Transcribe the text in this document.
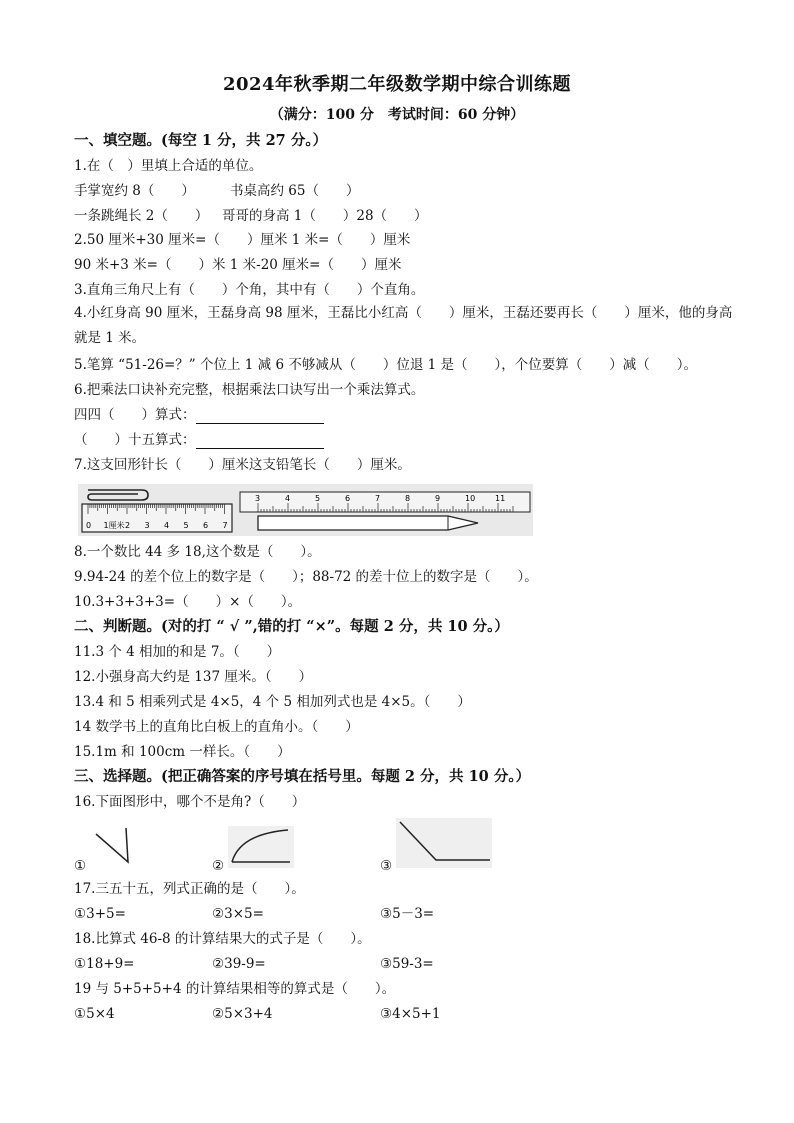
2024年秋季期二年级数学期中综合训练题
（满分：100 分　考试时间：60 分钟）
一、填空题。(每空 1 分，共 27 分。）
1.在（　）里填上合适的单位。
手掌宽约 8（　　）	书桌高约 65（　　）
一条跳绳长 2（　　） 哥哥的身高 1（　　）28（　　）
2.50 厘米+30 厘米=（　　）厘米 1 米=（　　）厘米
90 米+3 米=（　　）米 1 米-20 厘米=（　　）厘米
3.直角三角尺上有（　　）个角，其中有（　　）个直角。
4.小红身高 90 厘米，王磊身高 98 厘米，王磊比小红高（　　）厘米，王磊还要再长（　　）厘米，他的身高就是 1 米。
5.笔算 “51-26=？” 个位上 1 减 6 不够减从（　　）位退 1 是（　　），个位要算（　　）减（　　）。
6.把乘法口诀补充完整，根据乘法口诀写出一个乘法算式。
四四（　　）算式：
（　　）十五算式：
7.这支回形针长（　　）厘米这支铅笔长（　　）厘米。
0 1厘米 2 3 4 5 6 7
3	4	5	6	7	8	9	10 11
8.一个数比 44 多 18,这个数是（　　）。
9.94-24 的差个位上的数字是（　　）；88-72 的差十位上的数字是（　　）。
10.3+3+3+3=（　　）×（　　）。
二、判断题。(对的打 “ √ ”,错的打 “×”。每题 2 分，共 10 分。）
11.3 个 4 相加的和是 7。（　　）
12.小强身高大约是 137 厘米。（　　）
13.4 和 5 相乘列式是 4×5，4 个 5 相加列式也是 4×5。（　　）
14 数学书上的直角比白板上的直角小。（　　）
15.1m 和 100cm 一样长。（　　）
三、选择题。(把正确答案的序号填在括号里。每题 2 分，共 10 分。）
16.下面图形中，哪个不是角?（　　）
①	②	③
17.三五十五，列式正确的是（　　）。
①3+5=	②3×5=	③5－3=
18.比算式 46-8 的计算结果大的式子是（　　）。
①18+9=	②39-9=	③59-3=
19 与 5+5+5+4 的计算结果相等的算式是（　　）。
①5×4	②5×3+4	③4×5+1
